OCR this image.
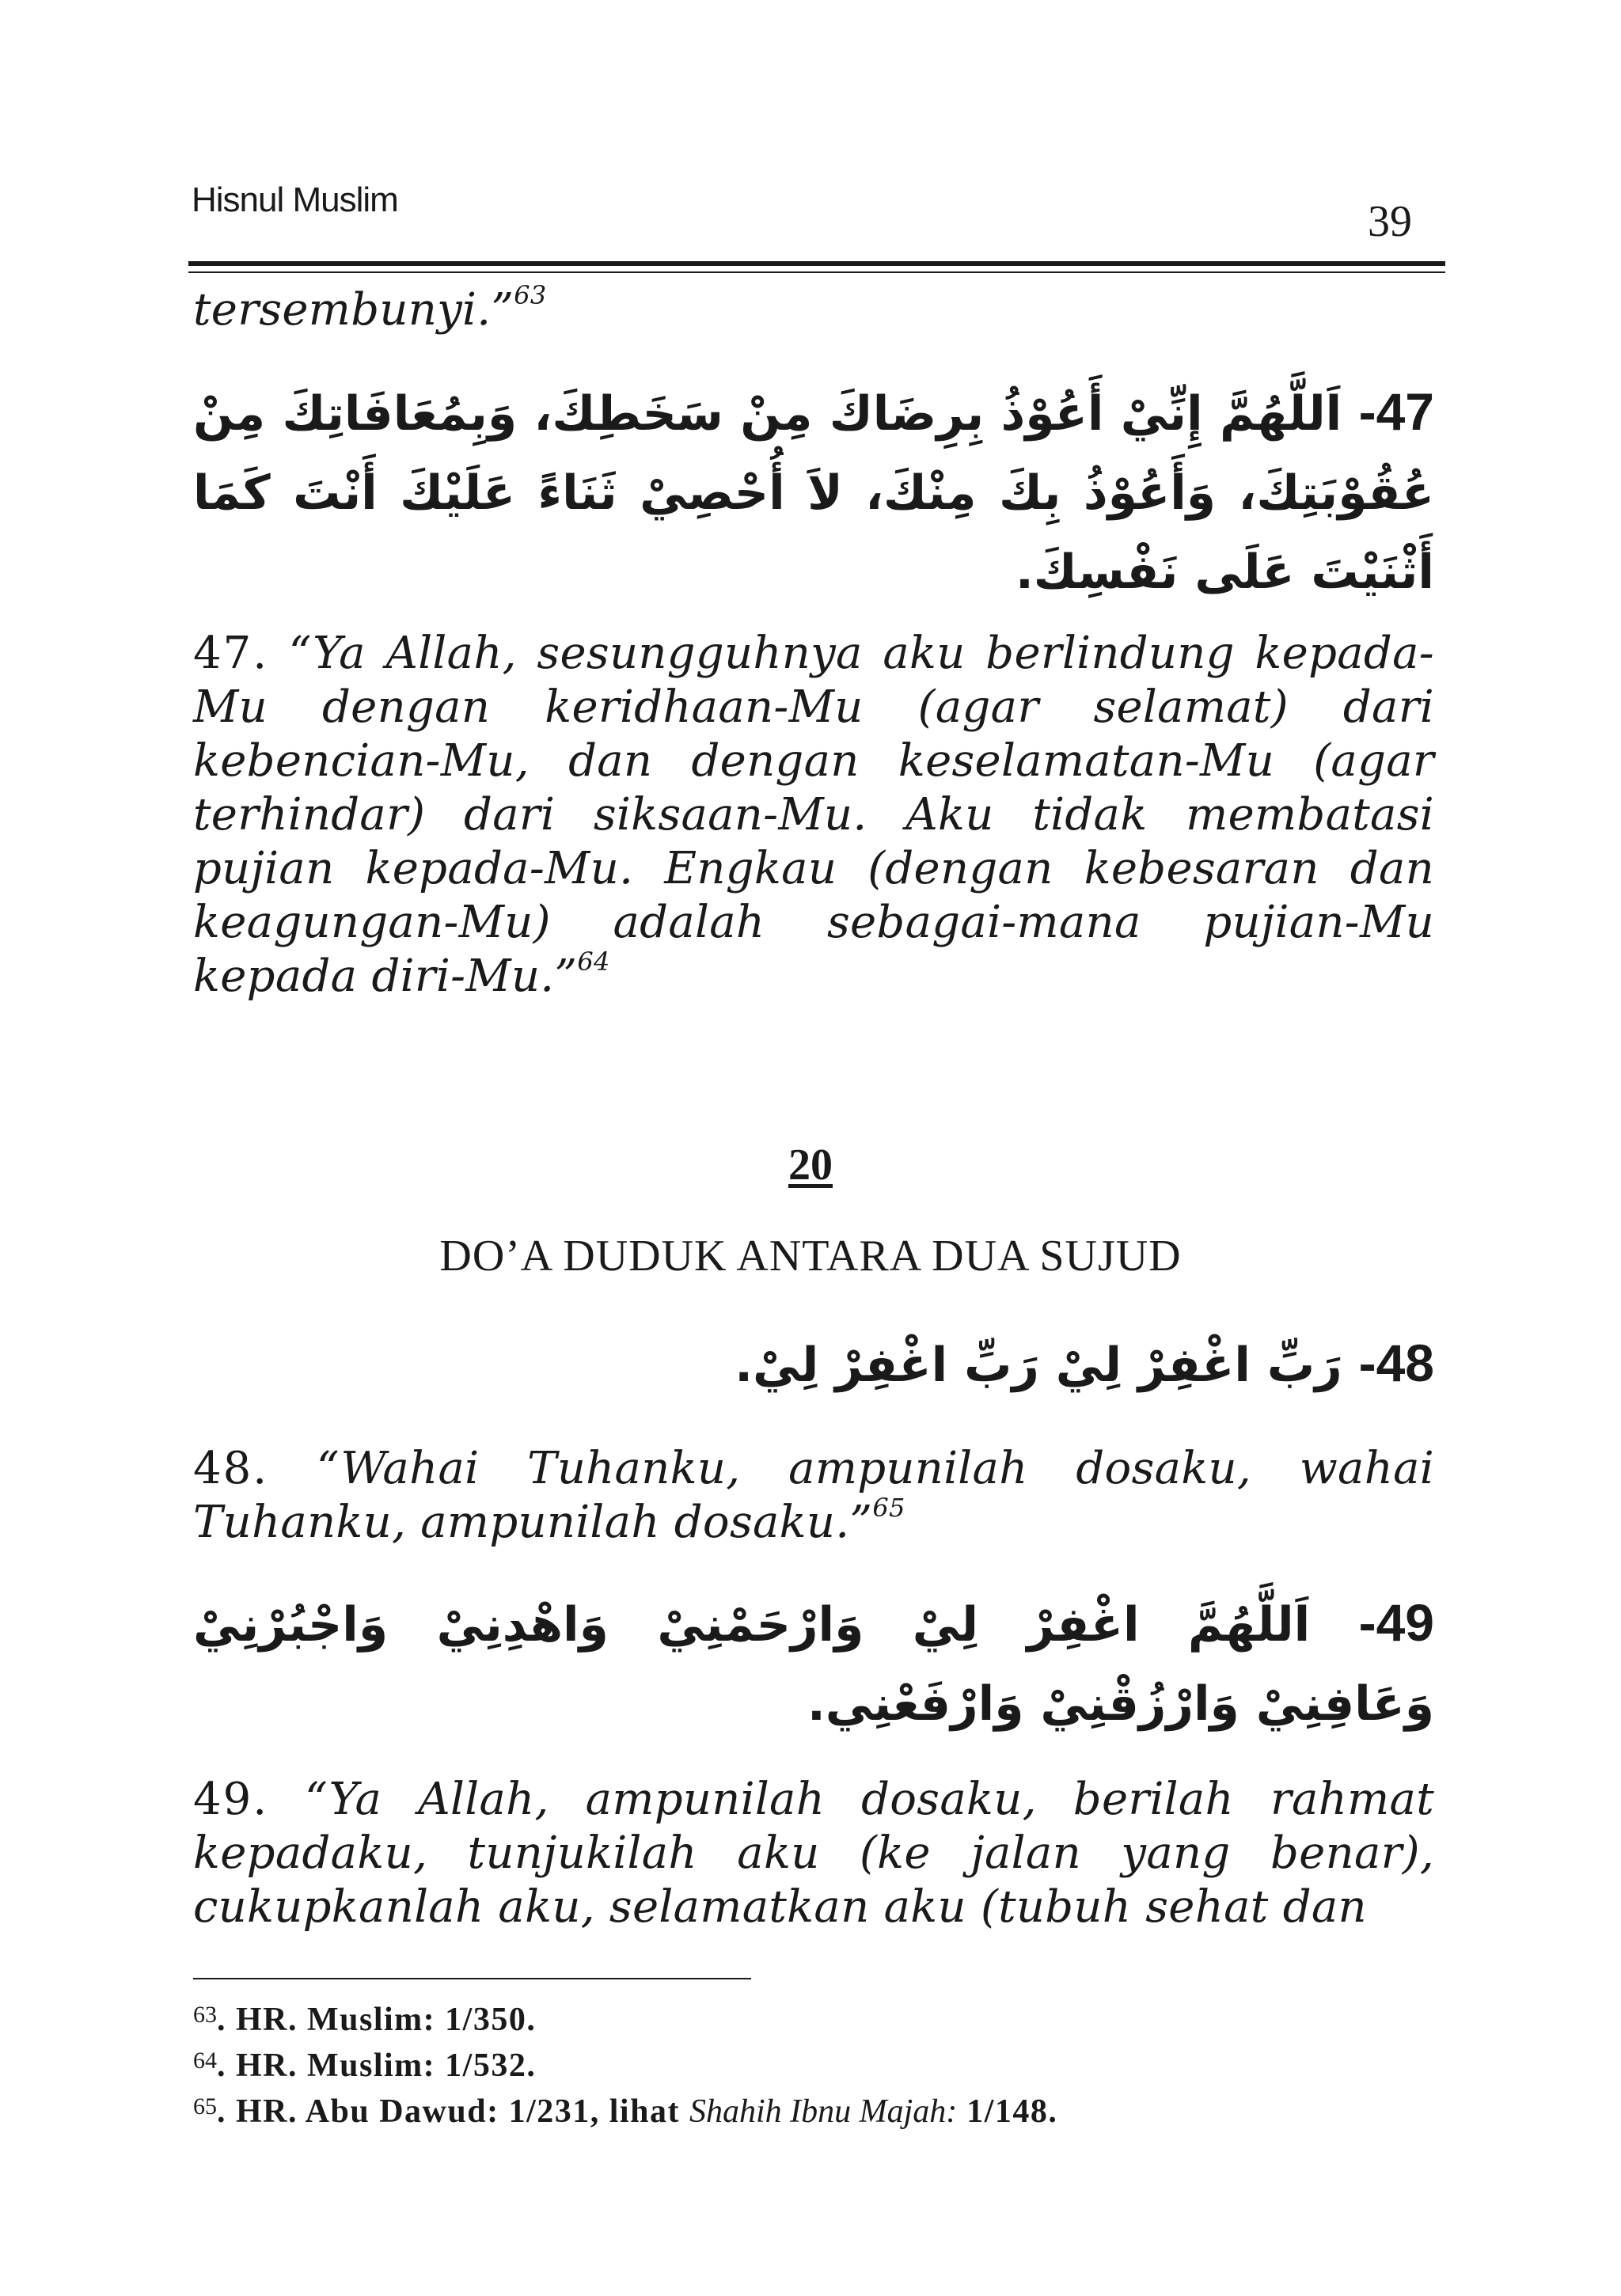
Hisnul Muslim	39
tersembunyi.”$^{63}$
47- اَللَّهُمَّ إِنِّيْ أَعُوْذُ بِرِضَاكَ مِنْ سَخَطِكَ، وَبِمُعَافَاتِكَ مِنْ عُقُوْبَتِكَ، وَأَعُوْذُ بِكَ مِنْكَ، لاَ أُحْصِيْ ثَنَاءً عَلَيْكَ أَنْتَ كَمَا أَثْنَيْتَ عَلَى نَفْسِكَ.
47. “Ya Allah, sesungguhnya aku berlindung kepada-Mu dengan keridhaan-Mu (agar selamat) dari kebencian-Mu, dan dengan keselamatan-Mu (agar terhindar) dari siksaan-Mu. Aku tidak membatasi pujian kepada-Mu. Engkau (dengan kebesaran dan keagungan-Mu) adalah sebagai-mana pujian-Mu kepada diri-Mu.”$^{64}$
20
DO’A DUDUK ANTARA DUA SUJUD
48- رَبِّ اغْفِرْ لِيْ رَبِّ اغْفِرْ لِيْ.
48. “Wahai Tuhanku, ampunilah dosaku, wahai Tuhanku, ampunilah dosaku.”$^{65}$
49- اَللَّهُمَّ اغْفِرْ لِيْ وَارْحَمْنِيْ وَاهْدِنِيْ وَاجْبُرْنِيْ وَعَافِنِيْ وَارْزُقْنِيْ وَارْفَعْنِي.
49. “Ya Allah, ampunilah dosaku, berilah rahmat kepadaku, tunjukilah aku (ke jalan yang benar), cukupkanlah aku, selamatkan aku (tubuh sehat dan
$^{63}$. HR. Muslim: 1/350.
$^{64}$. HR. Muslim: 1/532.
$^{65}$. HR. Abu Dawud: 1/231, lihat Shahih Ibnu Majah: 1/148.
